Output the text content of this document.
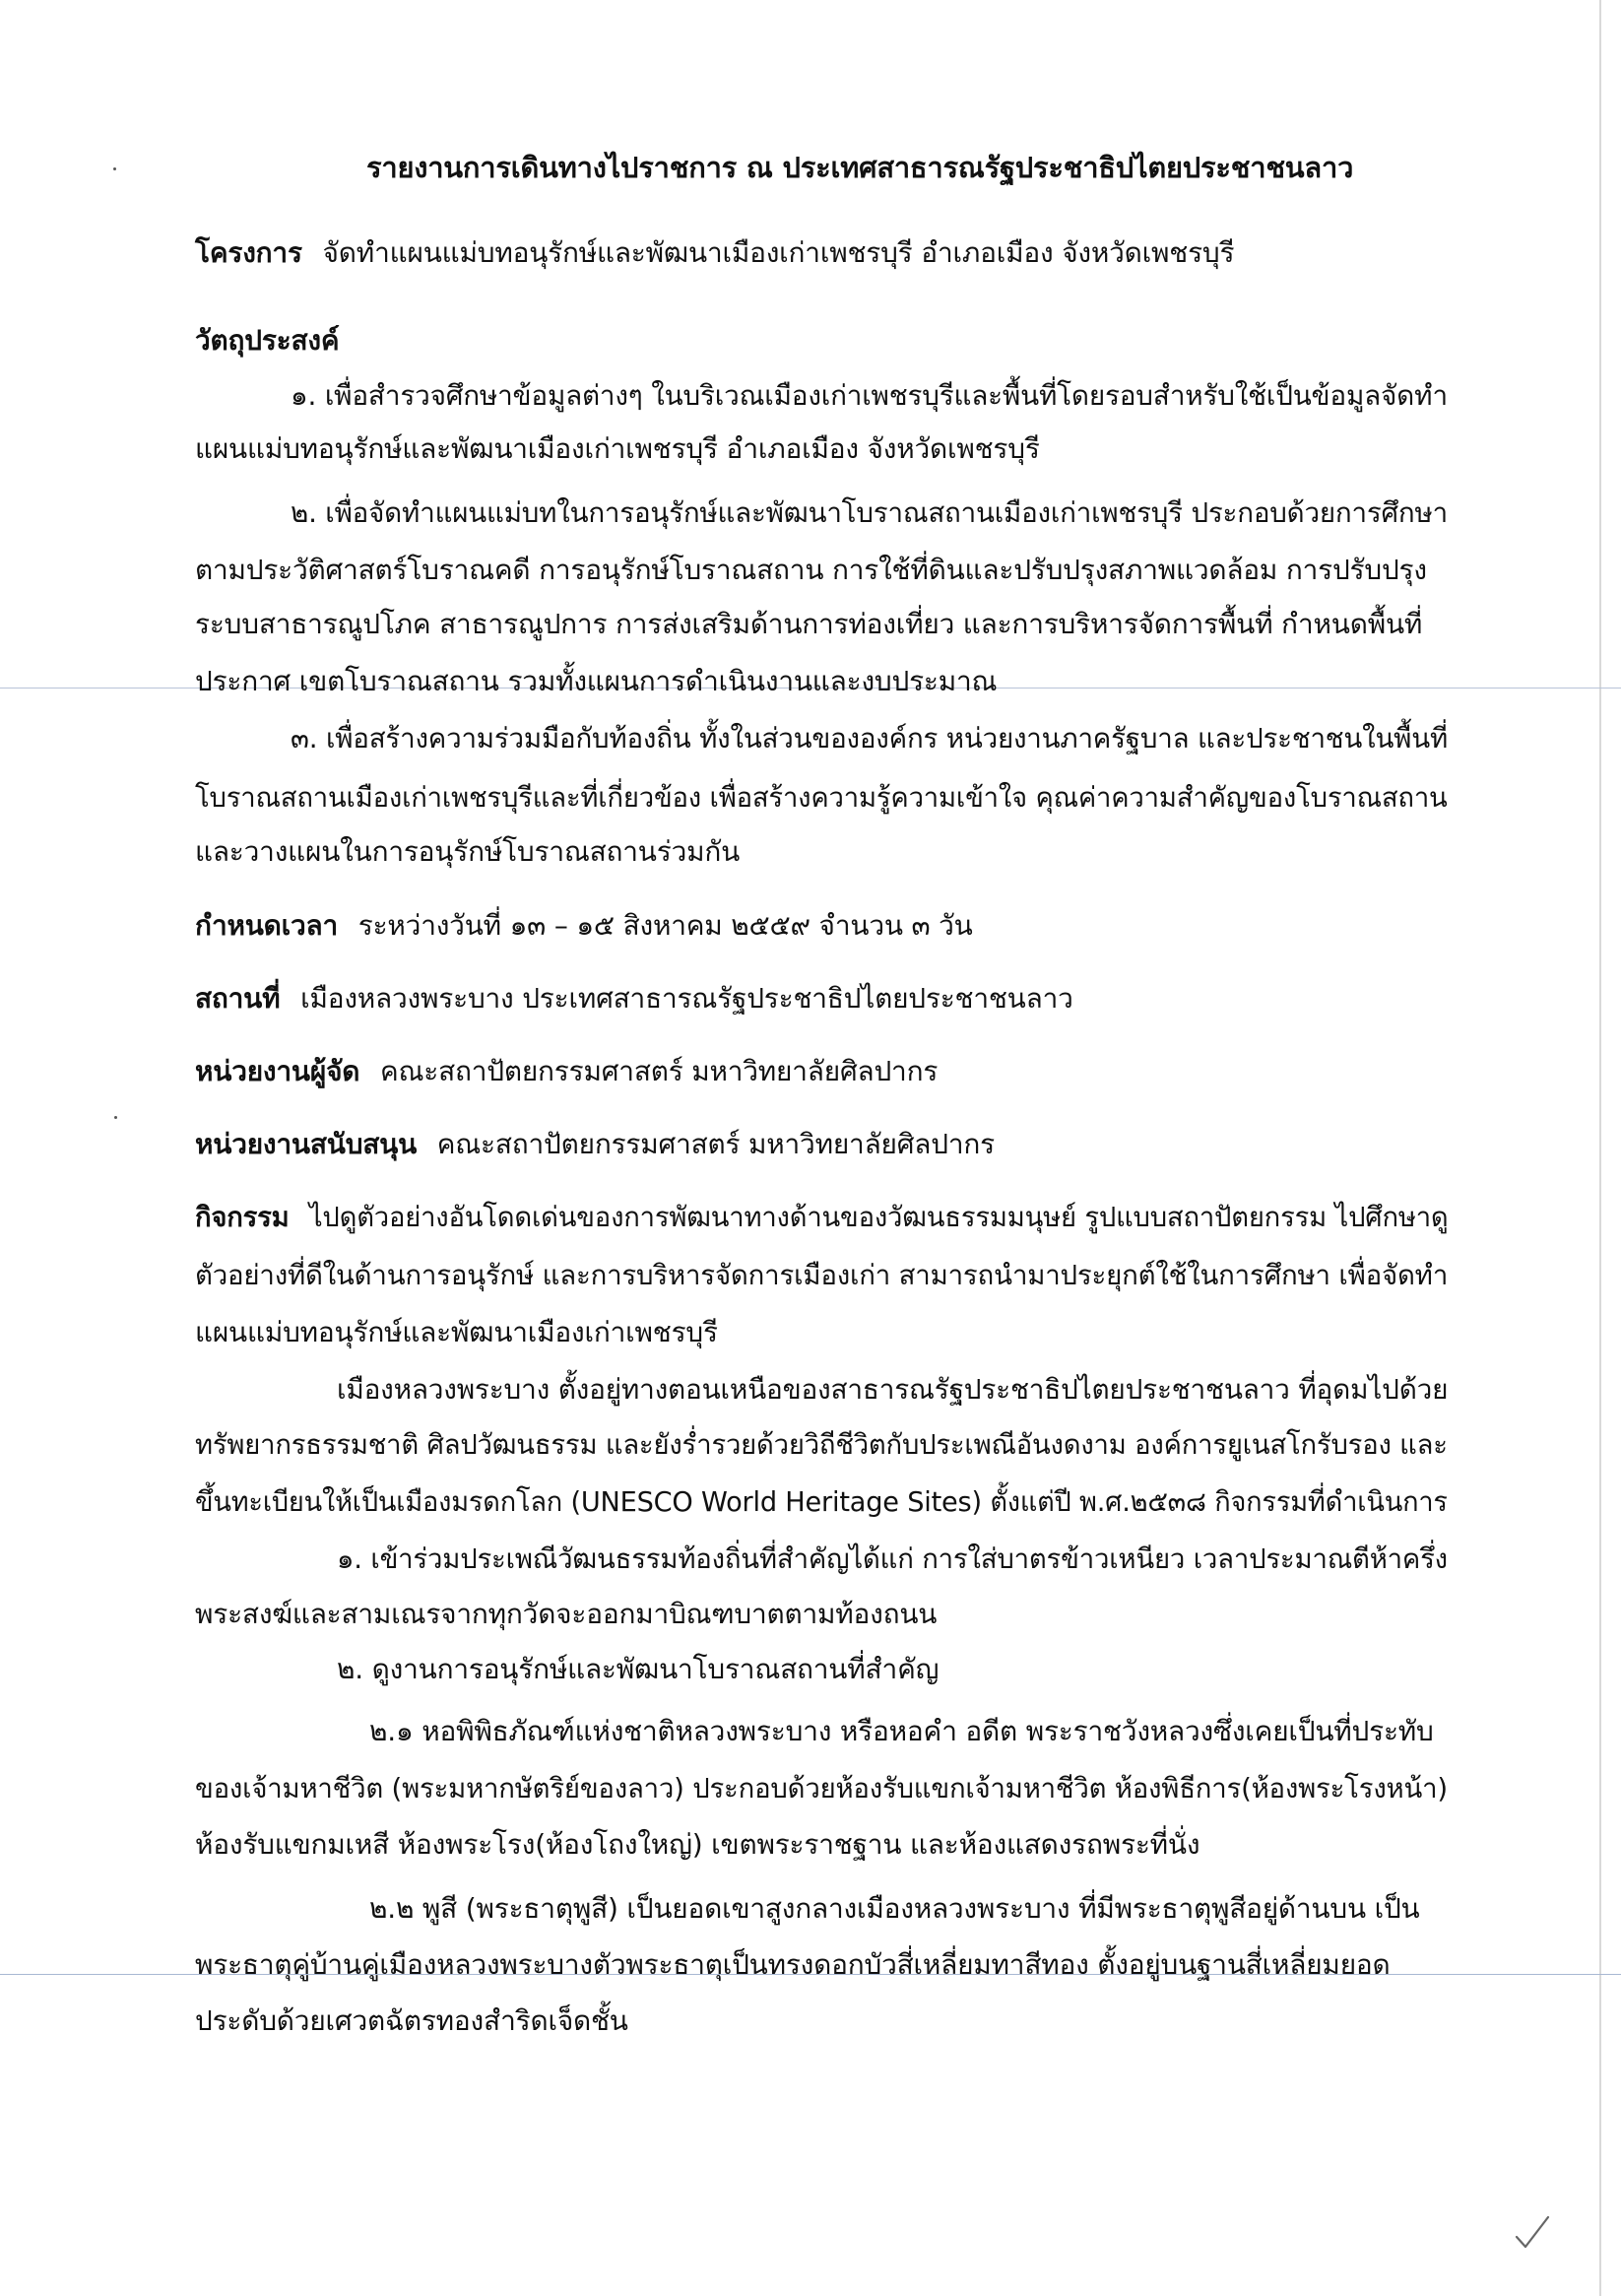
รายงานการเดินทางไปราชการ ณ ประเทศสาธารณรัฐประชาธิปไตยประชาชนลาว
โครงการ จัดทำแผนแม่บทอนุรักษ์และพัฒนาเมืองเก่าเพชรบุรี อำเภอเมือง จังหวัดเพชรบุรี
วัตถุประสงค์
๑. เพื่อสำรวจศึกษาข้อมูลต่างๆ ในบริเวณเมืองเก่าเพชรบุรีและพื้นที่โดยรอบสำหรับใช้เป็นข้อมูลจัดทำ
แผนแม่บทอนุรักษ์และพัฒนาเมืองเก่าเพชรบุรี อำเภอเมือง จังหวัดเพชรบุรี
๒. เพื่อจัดทำแผนแม่บทในการอนุรักษ์และพัฒนาโบราณสถานเมืองเก่าเพชรบุรี ประกอบด้วยการศึกษา
ตามประวัติศาสตร์โบราณคดี การอนุรักษ์โบราณสถาน การใช้ที่ดินและปรับปรุงสภาพแวดล้อม การปรับปรุง
ระบบสาธารณูปโภค สาธารณูปการ การส่งเสริมด้านการท่องเที่ยว และการบริหารจัดการพื้นที่ กำหนดพื้นที่
ประกาศ เขตโบราณสถาน รวมทั้งแผนการดำเนินงานและงบประมาณ
๓. เพื่อสร้างความร่วมมือกับท้องถิ่น ทั้งในส่วนขององค์กร หน่วยงานภาครัฐบาล และประชาชนในพื้นที่
โบราณสถานเมืองเก่าเพชรบุรีและที่เกี่ยวข้อง เพื่อสร้างความรู้ความเข้าใจ คุณค่าความสำคัญของโบราณสถาน
และวางแผนในการอนุรักษ์โบราณสถานร่วมกัน
กำหนดเวลา ระหว่างวันที่ ๑๓ – ๑๕ สิงหาคม ๒๕๕๙ จำนวน ๓ วัน
สถานที่ เมืองหลวงพระบาง ประเทศสาธารณรัฐประชาธิปไตยประชาชนลาว
หน่วยงานผู้จัด คณะสถาปัตยกรรมศาสตร์ มหาวิทยาลัยศิลปากร
หน่วยงานสนับสนุน คณะสถาปัตยกรรมศาสตร์ มหาวิทยาลัยศิลปากร
กิจกรรม ไปดูตัวอย่างอันโดดเด่นของการพัฒนาทางด้านของวัฒนธรรมมนุษย์ รูปแบบสถาปัตยกรรม ไปศึกษาดู
ตัวอย่างที่ดีในด้านการอนุรักษ์ และการบริหารจัดการเมืองเก่า สามารถนำมาประยุกต์ใช้ในการศึกษา เพื่อจัดทำ
แผนแม่บทอนุรักษ์และพัฒนาเมืองเก่าเพชรบุรี
เมืองหลวงพระบาง ตั้งอยู่ทางตอนเหนือของสาธารณรัฐประชาธิปไตยประชาชนลาว ที่อุดมไปด้วย
ทรัพยากรธรรมชาติ ศิลปวัฒนธรรม และยังร่ำรวยด้วยวิถีชีวิตกับประเพณีอันงดงาม องค์การยูเนสโกรับรอง และ
ขึ้นทะเบียนให้เป็นเมืองมรดกโลก (UNESCO World Heritage Sites) ตั้งแต่ปี พ.ศ.๒๕๓๘ กิจกรรมที่ดำเนินการ
๑. เข้าร่วมประเพณีวัฒนธรรมท้องถิ่นที่สำคัญได้แก่ การใส่บาตรข้าวเหนียว เวลาประมาณตีห้าครึ่ง
พระสงฆ์และสามเณรจากทุกวัดจะออกมาบิณฑบาตตามท้องถนน
๒. ดูงานการอนุรักษ์และพัฒนาโบราณสถานที่สำคัญ
๒.๑ หอพิพิธภัณฑ์แห่งชาติหลวงพระบาง หรือหอคำ อดีต พระราชวังหลวงซึ่งเคยเป็นที่ประทับ
ของเจ้ามหาชีวิต (พระมหากษัตริย์ของลาว) ประกอบด้วยห้องรับแขกเจ้ามหาชีวิต ห้องพิธีการ(ห้องพระโรงหน้า)
ห้องรับแขกมเหสี ห้องพระโรง(ห้องโถงใหญ่) เขตพระราชฐาน และห้องแสดงรถพระที่นั่ง
๒.๒ พูสี (พระธาตุพูสี) เป็นยอดเขาสูงกลางเมืองหลวงพระบาง ที่มีพระธาตุพูสีอยู่ด้านบน เป็น
พระธาตุคู่บ้านคู่เมืองหลวงพระบางตัวพระธาตุเป็นทรงดอกบัวสี่เหลี่ยมทาสีทอง ตั้งอยู่บนฐานสี่เหลี่ยมยอด
ประดับด้วยเศวตฉัตรทองสำริดเจ็ดชั้น
